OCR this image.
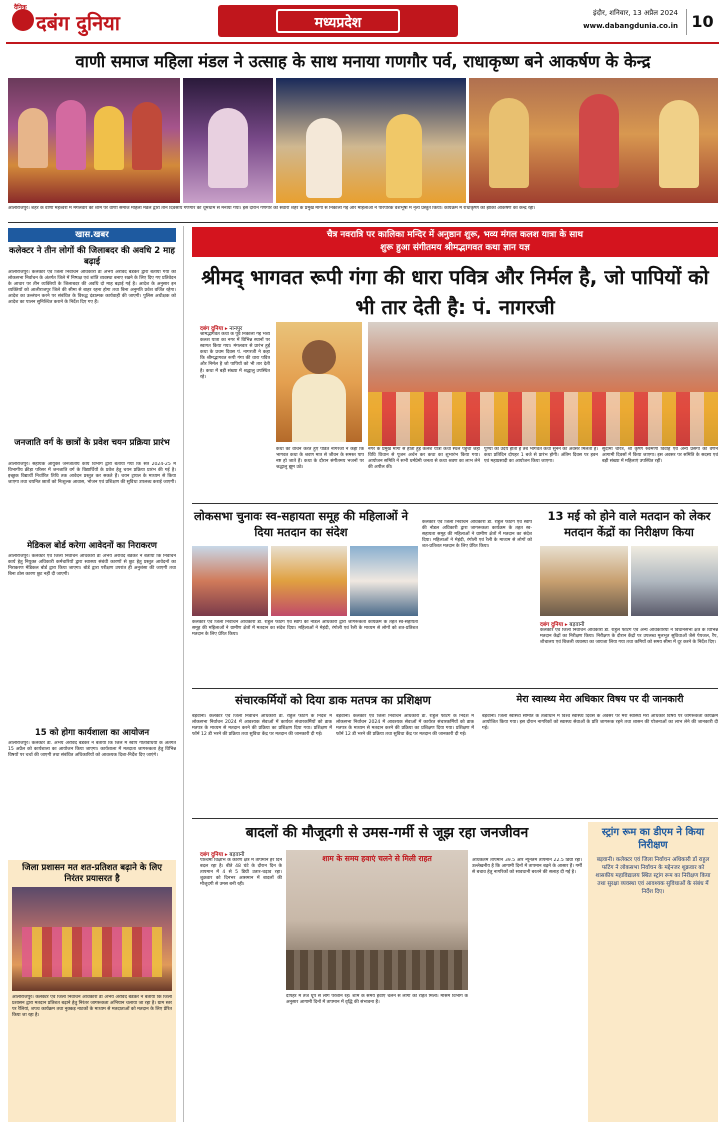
दैनिक
दबंग दुनिया	मध्यप्रदेश
इंदौर, शनिवार, 13 अप्रैल 2024
www.dabangdunia.co.in 10
वाणी समाज महिला मंडल ने उत्साह के साथ मनाया गणगौर पर्व, राधाकृष्ण बने आकर्षण के केन्द्र
आलीराजपुर। शहर के वाणी महेश्वरी में मंगलवार की शाम पर वाणी समाज महिला मंडल द्वारा तीन दिवसीय गणगौर की धूमधाम से मनाया गया। इस दौरान गणगौर की सवारी शहर के प्रमुख मार्गों से निकाली गई और महिलाओं ने पारंपरिक वेशभूषा में नृत्य प्रस्तुत किया। कार्यक्रम में राधाकृष्ण की झांकी आकर्षण का केन्द्र रही।
खास.खबर
कलेक्टर ने तीन लोगों की जिलाबदर की अवधि 2 माह बढ़ाई
आलीराजपुर। कलेक्टर एवं जिला निर्वाचन अधिकारी डॉ अभय अरविंद बेडेकर द्वारा बताया गया की लोकसभा निर्वाचन के अंतर्गत जिले में निष्पक्ष एवं शांति व्यवस्था बनाए रखने के लिए दिए गए प्रतिवेदन के आधार पर तीन व्यक्तियों के जिलाबदर की अवधि दो माह बढ़ाई गई है। आदेश के अनुसार इन व्यक्तियों को आलीराजपुर जिले की सीमा से बाहर रहना होगा तथा बिना अनुमति प्रवेश वर्जित रहेगा। आदेश का उल्लंघन करने पर संबंधित के विरुद्ध दंडात्मक कार्यवाही की जाएगी। पुलिस अधीक्षक को आदेश का पालन सुनिश्चित कराने के निर्देश दिए गए हैं।
जनजाति वर्ग के छात्रों के प्रवेश चयन प्रक्रिया प्रारंभ
आलीराजपुर। सहायक आयुक्त जनजातीय कार्य विभाग द्वारा बताया गया कि सत्र 2024-25 में विभागीय क्रीड़ा परिसर में जनजाति वर्ग के विद्यार्थियों के प्रवेश हेतु चयन प्रक्रिया प्रारंभ की गई है। इच्छुक विद्यार्थी निर्धारित तिथि तक आवेदन प्रस्तुत कर सकते हैं। चयन ट्रायल के माध्यम से किया जाएगा तथा चयनित छात्रों को निःशुल्क आवास, भोजन एवं प्रशिक्षण की सुविधा उपलब्ध कराई जाएगी।
मेडिकल बोर्ड करेगा आवेदनों का निराकरण
आलीराजपुर। कलेक्टर एवं जिला निर्वाचन अधिकारी डॉ अभय अरविंद बेडेकर ने बताया कि निर्वाचन कार्य हेतु नियुक्त अधिकारी कर्मचारियों द्वारा स्वास्थ्य संबंधी कारणों से छूट हेतु प्रस्तुत आवेदनों का निराकरण मेडिकल बोर्ड द्वारा किया जाएगा। बोर्ड द्वारा परीक्षण उपरांत ही अनुशंसा की जाएगी तथा बिना ठोस कारण छूट नहीं दी जाएगी।
15 को होगा कार्यशाला का आयोजन
आलीराजपुर। कलेक्टर डॉ. अभय अरविंद बेडेकर ने बताया कि जिले में स्वीप गतिविधियों के अंतर्गत 15 अप्रैल को कार्यशाला का आयोजन किया जाएगा। कार्यशाला में मतदाता जागरूकता हेतु विभिन्न विषयों पर चर्चा की जाएगी तथा संबंधित अधिकारियों को आवश्यक दिशा-निर्देश दिए जाएंगे।
जिला प्रशासन मत शत-प्रतिशत बढ़ाने के लिए निरंतर प्रयासरत है
आलीराजपुर। कलेक्टर एवं जिला निर्वाचन अधिकारी डॉ अभय अरविंद बेडेकर ने बताया कि जिला प्रशासन द्वारा मतदान प्रतिशत बढ़ाने हेतु निरंतर जागरूकता अभियान चलाया जा रहा है। ग्राम स्तर पर रैलियां, शपथ कार्यक्रम तथा नुक्कड़ नाटकों के माध्यम से मतदाताओं को मतदान के लिए प्रेरित किया जा रहा है।
चैत्र नवरात्रि पर कालिका मन्दिर में अनुष्ठान शुरू, भव्य मंगल कलश यात्रा के साथ
शुरू हुआ संगीतमय श्रीमद्भागवत कथा ज्ञान यज्ञ
श्रीमद् भागवत रूपी गंगा की धारा पवित्र और निर्मल है, जो पापियों को भी तार देती है: पं. नागरजी
दबंग दुनिया ▸ नानपुर
श्रीमद्भागवत कथा के पूर्व निकाली गई भव्य कलश यात्रा का नगर में विभिन्न स्थानों पर स्वागत किया गया। मंगलवार से प्रारंभ हुई कथा के प्रथम दिवस पं. नागरजी ने कहा कि श्रीमद्भागवत रूपी गंगा की धारा पवित्र और निर्मल है जो पापियों को भी तार देती है। कथा में बड़ी संख्या में श्रद्धालु उपस्थित रहे।
कथा का वाचन करते हुए पंडित नागरजी ने कहा कि भागवत कथा के श्रवण मात्र से जीवन के समस्त पाप नष्ट हो जाते हैं। कथा के दौरान संगीतमय भजनों पर श्रद्धालु झूम उठे।
नगर के प्रमुख मार्गों से होती हुई कलश यात्रा कथा स्थल पहुंची जहां विधि विधान से पूजन अर्चन कर कथा का शुभारंभ किया गया। आयोजन समिति ने सभी धर्मप्रेमी जनता से कथा श्रवण का लाभ लेने की अपील की।
पुण्यों का उदय होता है तब भागवत कथा सुनने का अवसर मिलता है। कथा प्रतिदिन दोपहर 1 बजे से प्रारंभ होगी। अंतिम दिवस पर हवन एवं महाप्रसादी का आयोजन किया जाएगा।
सुदामा चरित्र, श्री कृष्ण रुक्मणी विवाह एवं अन्य प्रसंगों का वर्णन आगामी दिवसों में किया जाएगा। इस अवसर पर समिति के सदस्य एवं बड़ी संख्या में महिलाएं उपस्थित रहीं।
लोकसभा चुनावः स्व-सहायता समूह की महिलाओं ने दिया मतदान का संदेश
कलेक्टर एवं जिला निर्वाचन अधिकारी डॉ. राहुल फटिंग एवं स्वीप की नोडल अधिकारी द्वारा जागरूकता कार्यक्रम के तहत स्व-सहायता समूह की महिलाओं ने ग्रामीण क्षेत्रों में मतदान का संदेश दिया। महिलाओं ने मेहंदी, रंगोली एवं रैली के माध्यम से लोगों को शत-प्रतिशत मतदान के लिए प्रेरित किया।
कलेक्टर एवं जिला निर्वाचन अधिकारी डॉ. राहुल फटिंग एवं स्वीप की नोडल अधिकारी द्वारा जागरूकता कार्यक्रम के तहत स्व-सहायता समूह की महिलाओं ने ग्रामीण क्षेत्रों में मतदान का संदेश दिया। महिलाओं ने मेहंदी, रंगोली एवं रैली के माध्यम से लोगों को शत-प्रतिशत मतदान के लिए प्रेरित किया।
13 मई को होने वाले मतदान को लेकर मतदान केंद्रों का निरीक्षण किया
दबंग दुनिया ▸ बड़वानी
कलेक्टर एवं जिला निर्वाचन अधिकारी डॉ. राहुल फटिंग एवं अन्य अधिकारियों ने विधानसभा क्षेत्र के विभिन्न मतदान केंद्रों का निरीक्षण किया। निरीक्षण के दौरान केंद्रों पर उपलब्ध मूलभूत सुविधाओं जैसे पेयजल, रैंप, शौचालय एवं बिजली व्यवस्था का जायजा लिया गया तथा कमियों को समय सीमा में दूर करने के निर्देश दिए।
संचारकर्मियों को दिया डाक मतपत्र का प्रशिक्षण
बड़वानी। कलेक्टर एवं जिला निर्वाचन अधिकारी डॉ. राहुल फटिंग के निर्देश में लोकसभा निर्वाचन 2024 में आवश्यक सेवाओं में कार्यरत संचारकर्मियों को डाक मतपत्र के माध्यम से मतदान करने की प्रक्रिया का प्रशिक्षण दिया गया। प्रशिक्षण में फॉर्म 12 डी भरने की प्रक्रिया तथा सुविधा केंद्र पर मतदान की जानकारी दी गई।
बड़वानी। कलेक्टर एवं जिला निर्वाचन अधिकारी डॉ. राहुल फटिंग के निर्देश में लोकसभा निर्वाचन 2024 में आवश्यक सेवाओं में कार्यरत संचारकर्मियों को डाक मतपत्र के माध्यम से मतदान करने की प्रक्रिया का प्रशिक्षण दिया गया। प्रशिक्षण में फॉर्म 12 डी भरने की प्रक्रिया तथा सुविधा केंद्र पर मतदान की जानकारी दी गई।
मेरा स्वास्थ्य मेरा अधिकार विषय पर दी जानकारी
बड़वानी। जिला स्वास्थ्य समिति के तत्वाधान में विश्व स्वास्थ्य दिवस के अवसर पर मेरा स्वास्थ्य मेरा अधिकार विषय पर जागरूकता कार्यक्रम आयोजित किया गया। इस दौरान नागरिकों को स्वास्थ्य सेवाओं के प्रति जागरूक रहने तथा शासन की योजनाओं का लाभ लेने की जानकारी दी गई।
बादलों की मौजूदगी से उमस-गर्मी से जूझ रहा जनजीवन
दबंग दुनिया ▸ बड़वानी
पश्चिमी विक्षोभ के कारण क्षेत्र में तापमान हर दिन बदल रहा है। बीते 48 घंटे के दौरान दिन के तापमान में 4 से 5 डिग्री उतार-चढ़ाव रहा। शुक्रवार को दिनभर आसमान में बादलों की मौजूदगी से उमस बनी रही।
शाम के समय हवाएं चलने से मिली राहत
दोपहर में तेज धूप से लोग परेशान रहे। शाम के समय हवाएं चलने से लोगों को राहत मिली। मौसम विभाग के अनुसार आगामी दिनों में तापमान में वृद्धि की संभावना है।
अधिकतम तापमान 39.5 और न्यूनतम तापमान 22.5 डिग्री रहा। उल्लेखनीय है कि आगामी दिनों में तापमान बढ़ने के आसार हैं। गर्मी से बचाव हेतु नागरिकों को सावधानी बरतने की सलाह दी गई है।
स्ट्रांग रूम का डीएम ने किया निरीक्षण
बड़वानी। कलेक्टर एवं जिला निर्वाचन अधिकारी डॉ राहुल फटिंग ने लोकसभा निर्वाचन के मद्देनजर शुक्रवार को शासकीय महाविद्यालय स्थित स्ट्रांग रूम का निरीक्षण किया तथा सुरक्षा व्यवस्था एवं आवश्यक सुविधाओं के संबंध में निर्देश दिए।
